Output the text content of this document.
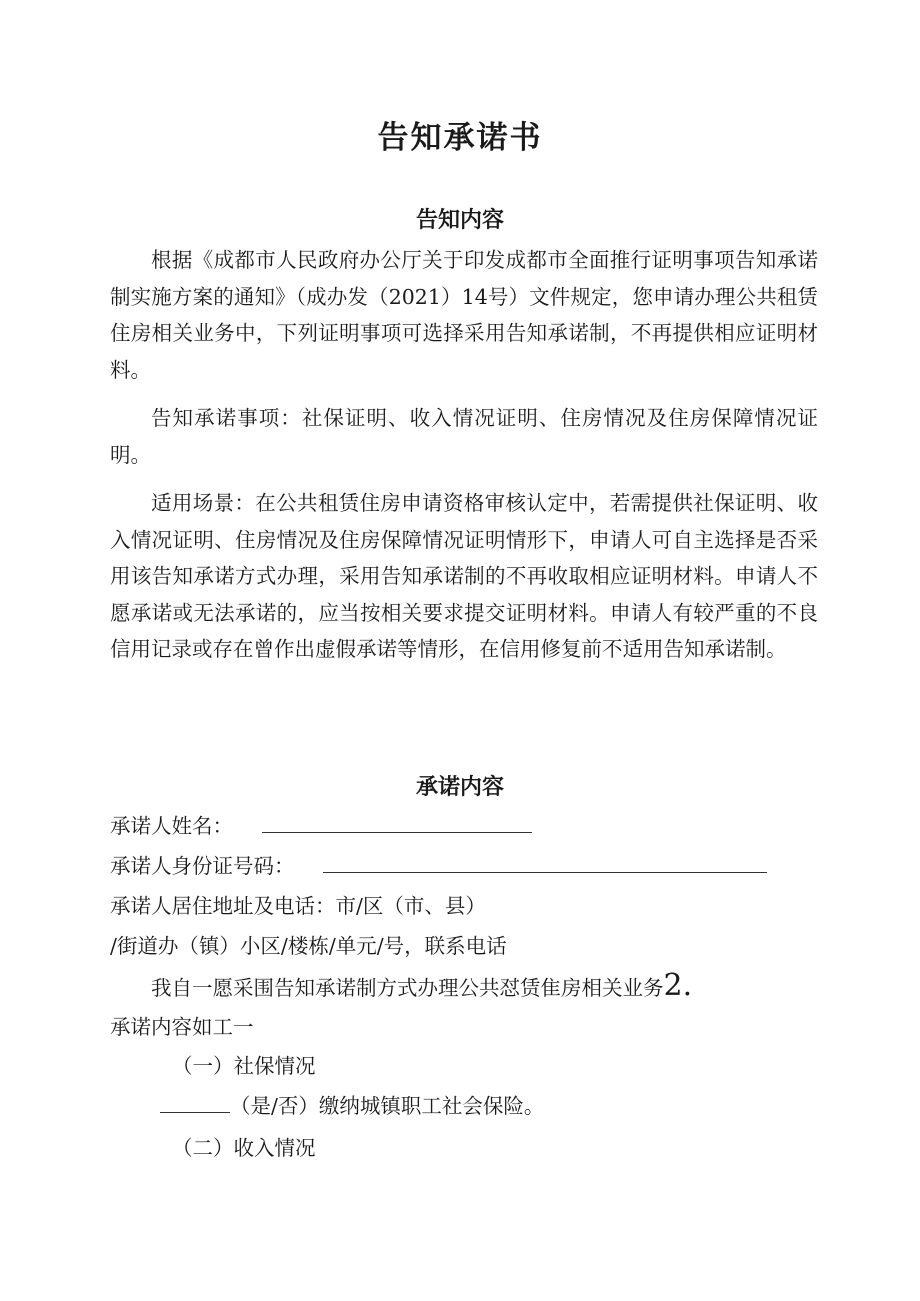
告知承诺书
告知内容

根据《成都市人民政府办公厅关于印发成都市全面推行证明事项告知承诺制实施方案的通知》（成办发（2021）14号）文件规定，您申请办理公共租赁住房相关业务中，下列证明事项可选择采用告知承诺制，不再提供相应证明材料。

告知承诺事项：社保证明、收入情况证明、住房情况及住房保障情况证明。

适用场景：在公共租赁住房申请资格审核认定中，若需提供社保证明、收入情况证明、住房情况及住房保障情况证明情形下，申请人可自主选择是否采用该告知承诺方式办理，采用告知承诺制的不再收取相应证明材料。申请人不愿承诺或无法承诺的，应当按相关要求提交证明材料。申请人有较严重的不良信用记录或存在曾作出虚假承诺等情形，在信用修复前不适用告知承诺制。

承诺内容
承诺人姓名：
承诺人身份证号码：
承诺人居住地址及电话：市/区（市、县）
/街道办（镇）小区/楼栋/单元/号，联系电话
我自一愿采围告知承诺制方式办理公共怼赁隹房相关业务2.
承诺内容如工一
（一）社保情况
（是/否）缴纳城镇职工社会保险。
（二）收入情况
